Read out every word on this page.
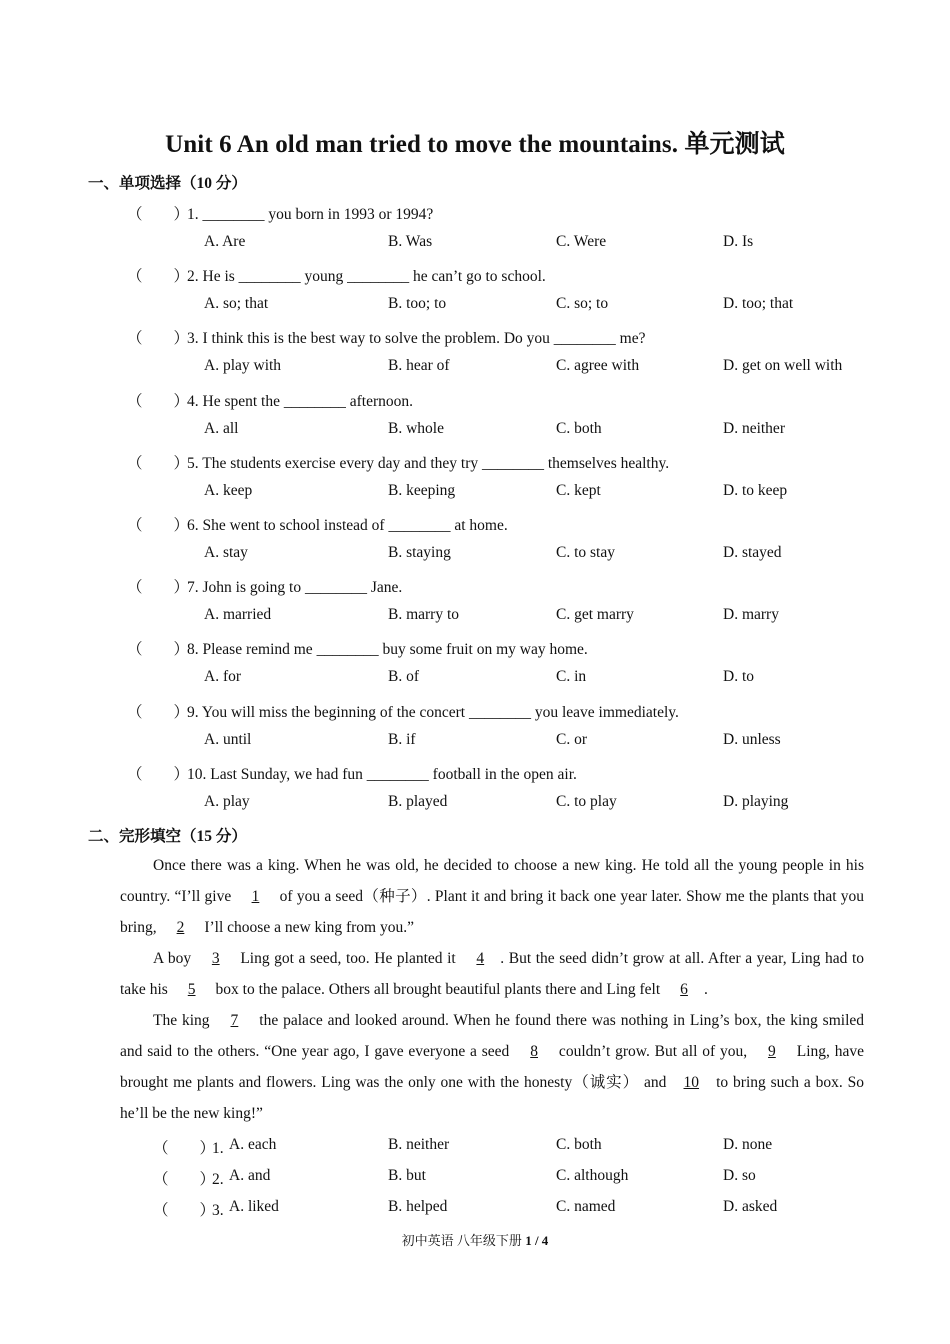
Unit 6 An old man tried to move the mountains. 单元测试
一、单项选择（10 分）
（　　）1. ________ you born in 1993 or 1994?
A. Are	B. Was	C. Were	D. Is
（　　）2. He is ________ young ________ he can’t go to school.
A. so; that	B. too; to	C. so; to	D. too; that
（　　）3. I think this is the best way to solve the problem. Do you ________ me?
A. play with	B. hear of	C. agree with	D. get on well with
（　　）4. He spent the ________ afternoon.
A. all	B. whole	C. both	D. neither
（　　）5. The students exercise every day and they try ________ themselves healthy.
A. keep	B. keeping	C. kept	D. to keep
（　　）6. She went to school instead of ________ at home.
A. stay	B. staying	C. to stay	D. stayed
（　　）7. John is going to ________ Jane.
A. married	B. marry to	C. get marry	D. marry
（　　）8. Please remind me ________ buy some fruit on my way home.
A. for	B. of	C. in	D. to
（　　）9. You will miss the beginning of the concert ________ you leave immediately.
A. until	B. if	C. or	D. unless
（　　）10. Last Sunday, we had fun ________ football in the open air.
A. play	B. played	C. to play	D. playing
二、完形填空（15 分）

Once there was a king. When he was old, he decided to choose a new king. He told all the young people in his country. “I’ll give 1 of you a seed（种子）. Plant it and bring it back one year later. Show me the plants that you bring, 2 I’ll choose a new king from you.”

A boy 3 Ling got a seed, too. He planted it 4 . But the seed didn’t grow at all. After a year, Ling had to take his 5 box to the palace. Others all brought beautiful plants there and Ling felt 6 .

The king 7 the palace and looked around. When he found there was nothing in Ling’s box, the king smiled and said to the others. “One year ago, I gave everyone a seed 8 couldn’t grow. But all of you, 9 Ling, have brought me plants and flowers. Ling was the only one with the honesty（诚实） and 10 to bring such a box. So he’ll be the new king!”

（　　）1. A. each	B. neither	C. both	D. none
（　　）2. A. and	B. but	C. although	D. so
（　　）3. A. liked	B. helped	C. named	D. asked
初中英语 八年级下册 1 / 4
